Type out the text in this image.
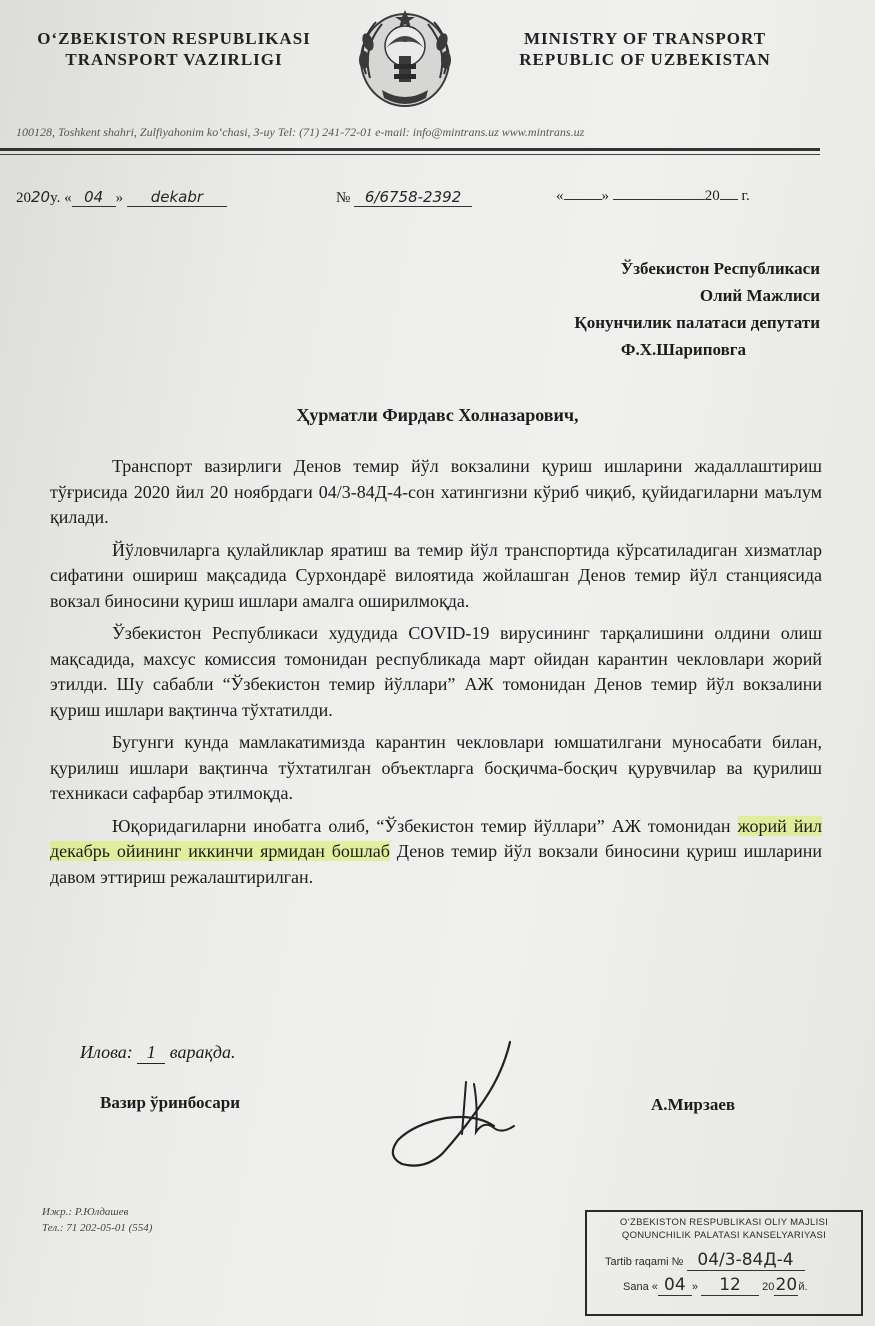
O‘ZBEKISTON RESPUBLIKASI
TRANSPORT VAZIRLIGI
MINISTRY OF TRANSPORT
REPUBLIC OF UZBEKISTAN
100128, Toshkent shahri, Zulfiyahonim ko‘chasi, 3-uy Tel: (71) 241-72-01 e-mail: info@mintrans.uz www.mintrans.uz
2020y. « 04 » dekabr	№ 6/6758-2392	«	»	20 г.
Ўзбекистон Республикаси
Олий Мажлиси
Қонунчилик палатаси депутати
Ф.Х.Шариповга
Ҳурматли Фирдавс Холназарович,

Транспорт вазирлиги Денов темир йўл вокзалини қуриш ишларини жадаллаштириш тўғрисида 2020 йил 20 ноябрдаги 04/3-84Д-4-сон хатингизни кўриб чиқиб, қуйидагиларни маълум қилади.

Йўловчиларга қулайликлар яратиш ва темир йўл транспортида кўрсатиладиган хизматлар сифатини ошириш мақсадида Сурхондарё вилоятида жойлашган Денов темир йўл станциясида вокзал биносини қуриш ишлари амалга оширилмоқда.

Ўзбекистон Республикаси худудида COVID-19 вирусининг тарқалишини олдини олиш мақсадида, махсус комиссия томонидан республикада март ойидан карантин чекловлари жорий этилди. Шу сабабли “Ўзбекистон темир йўллари” АЖ томонидан Денов темир йўл вокзалини қуриш ишлари вақтинча тўхтатилди.

Бугунги кунда мамлакатимизда карантин чекловлари юмшатилгани муносабати билан, қурилиш ишлари вақтинча тўхтатилган объектларга босқичма-босқич қурувчилар ва қурилиш техникаси сафарбар этилмоқда.

Юқоридагиларни инобатга олиб, “Ўзбекистон темир йўллари” АЖ томонидан жорий йил декабрь ойининг иккинчи ярмидан бошлаб Денов темир йўл вокзали биносини қуриш ишларини давом эттириш режалаштирилган.

Илова: 1 варақда.
Вазир ўринбосари	А.Мирзаев
Ижр.: Р.Юлдашев
Тел.: 71 202-05-01 (554)	O‘ZBEKISTON RESPUBLIKASI OLIY MAJLISI
QONUNCHILIK PALATASI KANSELYARIYASI
Tartib raqami № 04/3-84Д-4
Sana « 04 » 12 2020й.
